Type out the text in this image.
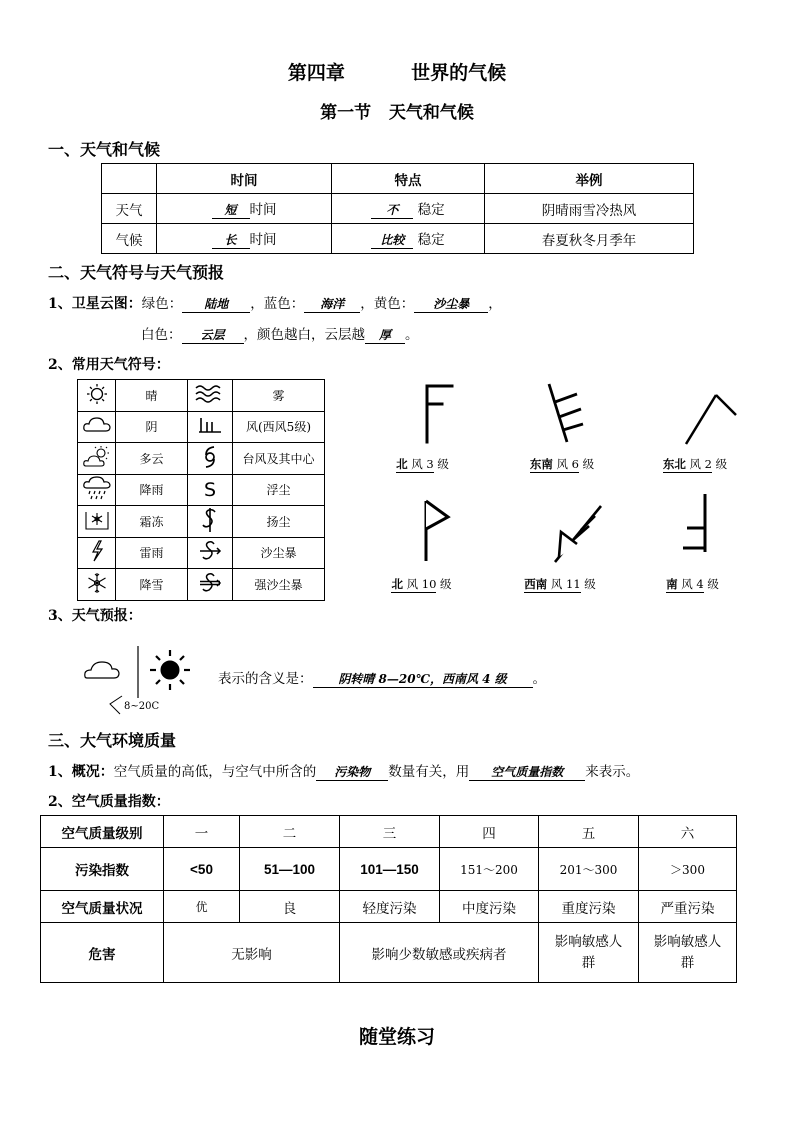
第四章          世界的气候
第一节   天气和气候
一、天气和气候
	时间	特点	举例
天气	短 时间	不 稳定	阴晴雨雪冷热风
气候	长 时间	比较 稳定	春夏秋冬月季年
二、天气符号与天气预报
1、卫星云图：绿色： 陆地 ，蓝色： 海洋 ，黄色： 沙尘暴 ，
白色： 云层 ，颜色越白，云层越 厚 。
2、常用天气符号：
	晴		雾
	阴		风(西风5级)
	多云		台风及其中心
	降雨	S	浮尘
	霜冻		扬尘
	雷雨		沙尘暴
	降雪		强沙尘暴
北 风 3 级	东南 风 6 级	东北 风 2 级
北 风 10 级	西南 风 11 级	南 风 4 级
3、天气预报：
8~20C
表示的含义是： 阴转晴 8—20℃，西南风 4 级 。
三、大气环境质量
1、概况：空气质量的高低，与空气中所含的 污染物 数量有关，用 空气质量指数 来表示。
2、空气质量指数：
空气质量级别	一	二	三	四	五	六
污染指数	<50	51—100	101—150	151～200	201～300	＞300
空气质量状况	优	良	轻度污染	中度污染	重度污染	严重污染
危害	无影响		影响少数敏感或疾病者		影响敏感人群	影响敏感人群
随堂练习
